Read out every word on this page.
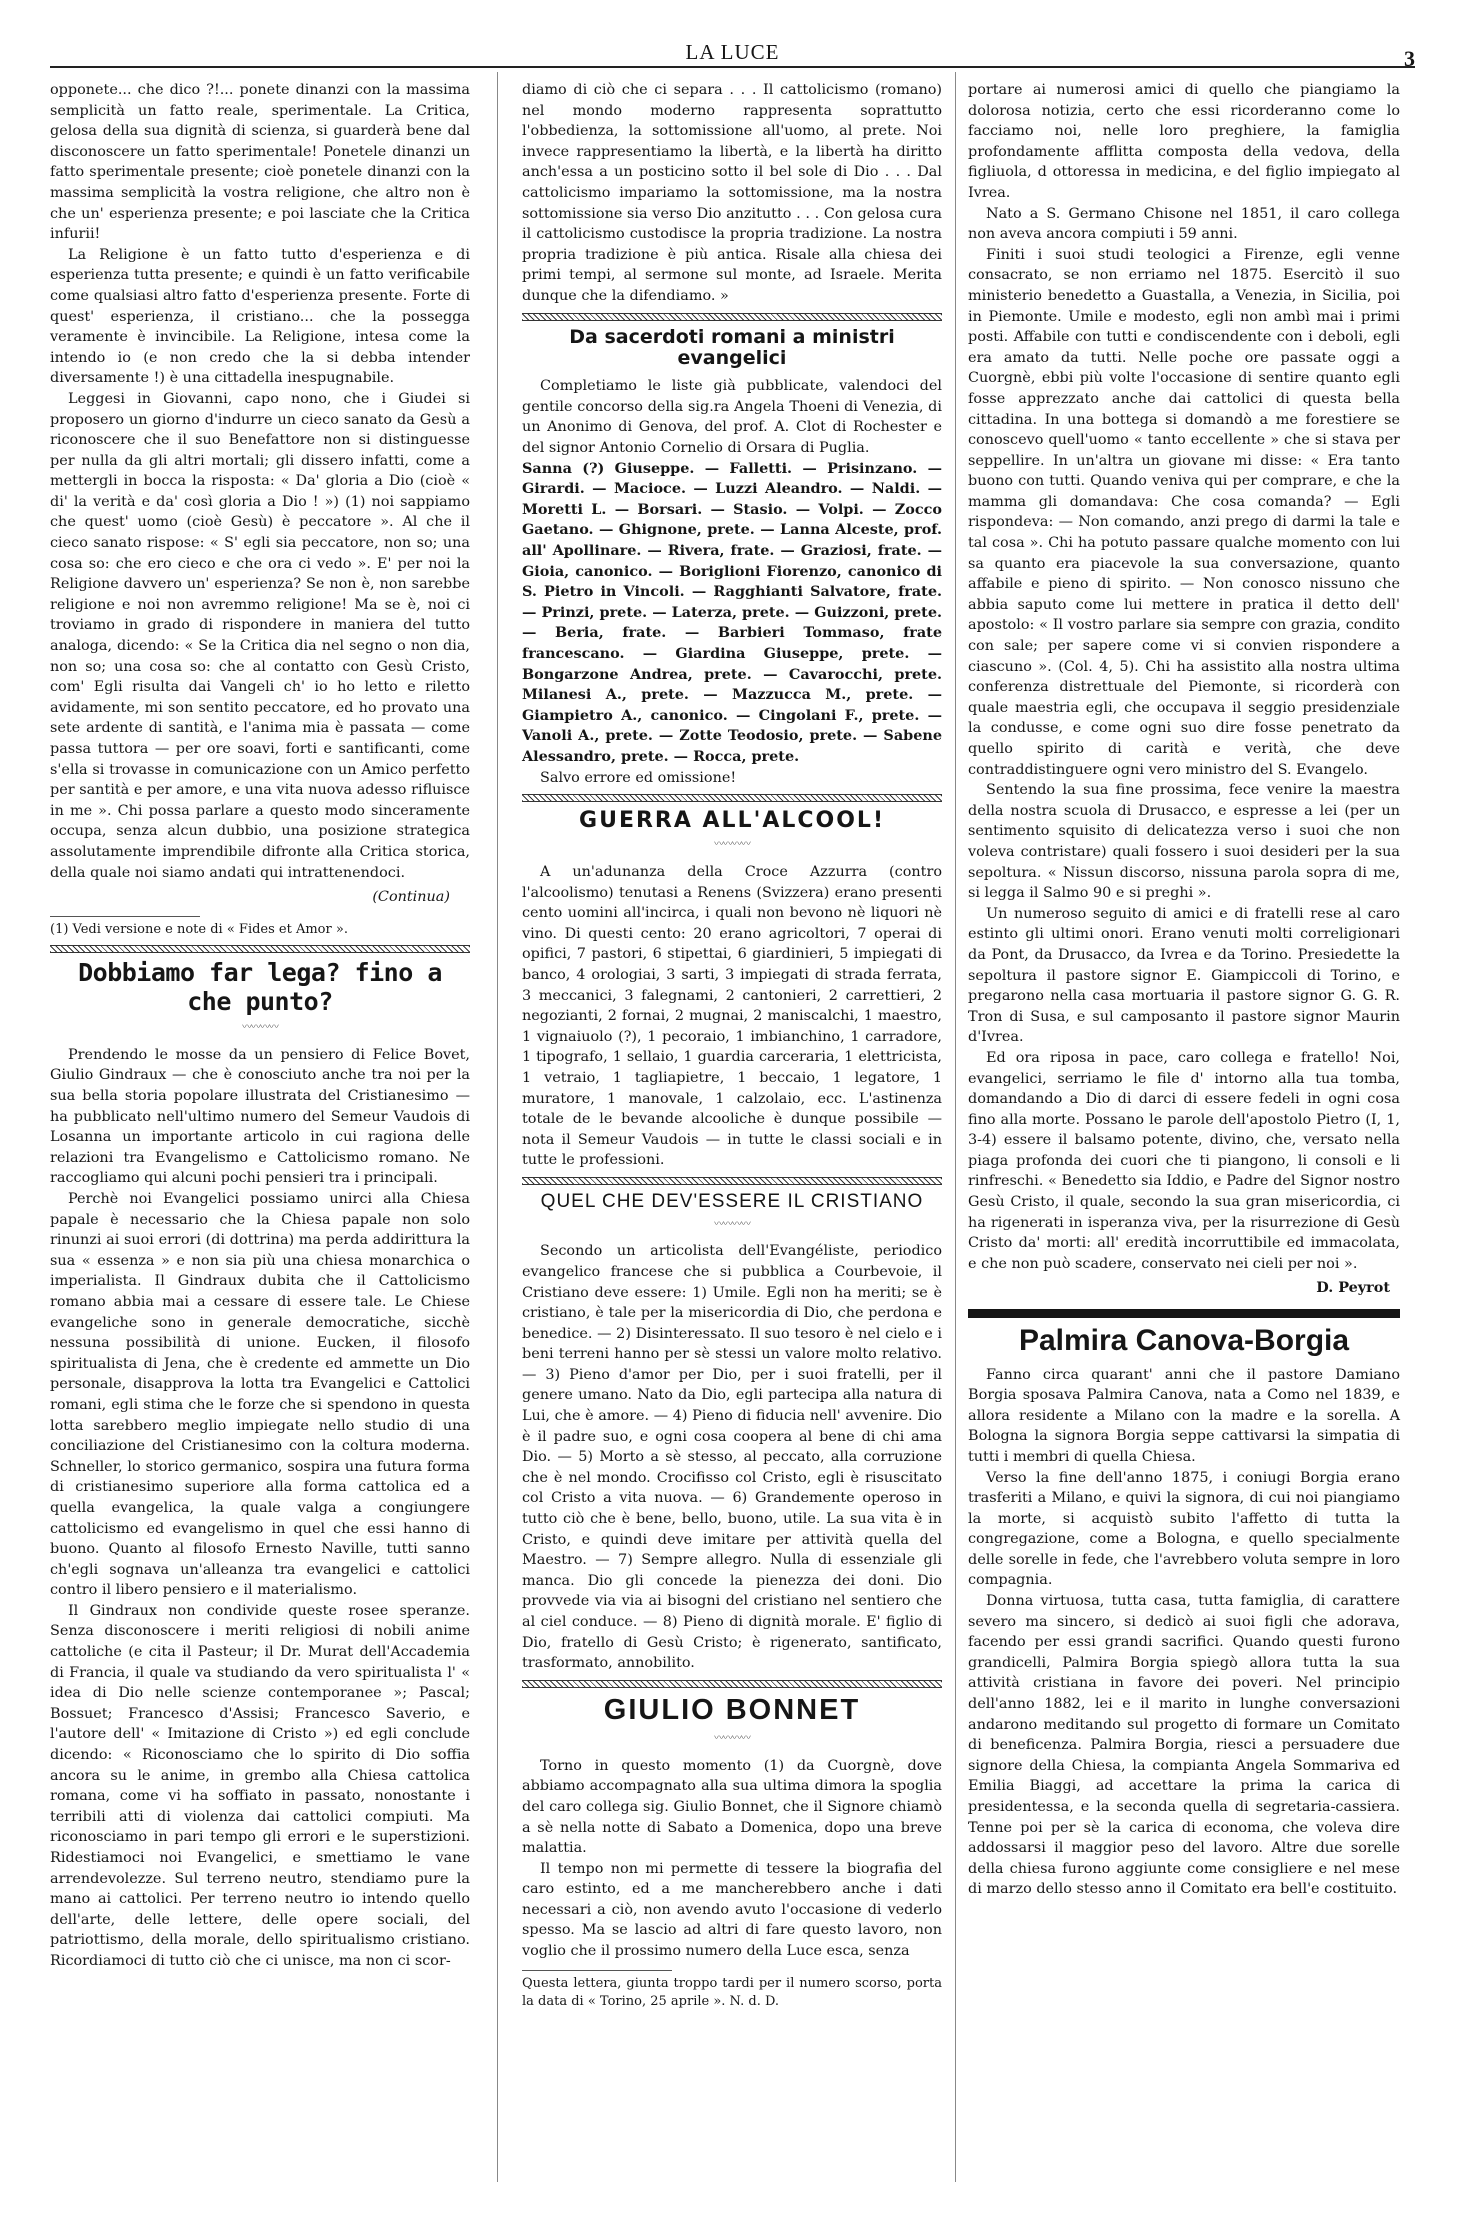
LA LUCE	3

opponete... che dico ?!... ponete dinanzi con la massima semplicità un fatto reale, sperimentale. La Critica, gelosa della sua dignità di scienza, si guarderà bene dal disconoscere un fatto sperimentale! Ponetele dinanzi un fatto sperimentale presente; cioè ponetele dinanzi con la massima semplicità la vostra religione, che altro non è che un' esperienza presente; e poi lasciate che la Critica infurii!

La Religione è un fatto tutto d'esperienza e di esperienza tutta presente; e quindi è un fatto verificabile come qualsiasi altro fatto d'esperienza presente. Forte di quest' esperienza, il cristiano... che la possegga veramente è invincibile. La Religione, intesa come la intendo io (e non credo che la si debba intender diversamente !) è una cittadella inespugnabile.

Leggesi in Giovanni, capo nono, che i Giudei si proposero un giorno d'indurre un cieco sanato da Gesù a riconoscere che il suo Benefattore non si distinguesse per nulla da gli altri mortali; gli dissero infatti, come a mettergli in bocca la risposta: « Da' gloria a Dio (cioè « di' la verità e da' così gloria a Dio ! ») (1) noi sappiamo che quest' uomo (cioè Gesù) è peccatore ». Al che il cieco sanato rispose: « S' egli sia peccatore, non so; una cosa so: che ero cieco e che ora ci vedo ». E' per noi la Religione davvero un' esperienza? Se non è, non sarebbe religione e noi non avremmo religione! Ma se è, noi ci troviamo in grado di rispondere in maniera del tutto analoga, dicendo: « Se la Critica dia nel segno o non dia, non so; una cosa so: che al contatto con Gesù Cristo, com' Egli risulta dai Vangeli ch' io ho letto e riletto avidamente, mi son sentito peccatore, ed ho provato una sete ardente di santità, e l'anima mia è passata — come passa tuttora — per ore soavi, forti e santificanti, come s'ella si trovasse in comunicazione con un Amico perfetto per santità e per amore, e una vita nuova adesso rifluisce in me ». Chi possa parlare a questo modo sinceramente occupa, senza alcun dubbio, una posizione strategica assolutamente imprendibile difronte alla Critica storica, della quale noi siamo andati qui intrattenendoci.

(Continua)

(1) Vedi versione e note di « Fides et Amor ».

Dobbiamo far lega? fino a che punto?
〰〰〰〰

Prendendo le mosse da un pensiero di Felice Bovet, Giulio Gindraux — che è conosciuto anche tra noi per la sua bella storia popolare illustrata del Cristianesimo — ha pubblicato nell'ultimo numero del Semeur Vaudois di Losanna un importante articolo in cui ragiona delle relazioni tra Evangelismo e Cattolicismo romano. Ne raccogliamo qui alcuni pochi pensieri tra i principali.

Perchè noi Evangelici possiamo unirci alla Chiesa papale è necessario che la Chiesa papale non solo rinunzi ai suoi errori (di dottrina) ma perda addirittura la sua « essenza » e non sia più una chiesa monarchica o imperialista. Il Gindraux dubita che il Cattolicismo romano abbia mai a cessare di essere tale. Le Chiese evangeliche sono in generale democratiche, sicchè nessuna possibilità di unione. Eucken, il filosofo spiritualista di Jena, che è credente ed ammette un Dio personale, disapprova la lotta tra Evangelici e Cattolici romani, egli stima che le forze che si spendono in questa lotta sarebbero meglio impiegate nello studio di una conciliazione del Cristianesimo con la coltura moderna. Schneller, lo storico germanico, sospira una futura forma di cristianesimo superiore alla forma cattolica ed a quella evangelica, la quale valga a congiungere cattolicismo ed evangelismo in quel che essi hanno di buono. Quanto al filosofo Ernesto Naville, tutti sanno ch'egli sognava un'alleanza tra evangelici e cattolici contro il libero pensiero e il materialismo.

Il Gindraux non condivide queste rosee speranze. Senza disconoscere i meriti religiosi di nobili anime cattoliche (e cita il Pasteur; il Dr. Murat dell'Accademia di Francia, il quale va studiando da vero spiritualista l' « idea di Dio nelle scienze contemporanee »; Pascal; Bossuet; Francesco d'Assisi; Francesco Saverio, e l'autore dell' « Imitazione di Cristo ») ed egli conclude dicendo: « Riconosciamo che lo spirito di Dio soffia ancora su le anime, in grembo alla Chiesa cattolica romana, come vi ha soffiato in passato, nonostante i terribili atti di violenza dai cattolici compiuti. Ma riconosciamo in pari tempo gli errori e le superstizioni. Ridestiamoci noi Evangelici, e smettiamo le vane arrendevolezze. Sul terreno neutro, stendiamo pure la mano ai cattolici. Per terreno neutro io intendo quello dell'arte, delle lettere, delle opere sociali, del patriottismo, della morale, dello spiritualismo cristiano. Ricordiamoci di tutto ciò che ci unisce, ma non ci scor-

diamo di ciò che ci separa . . . Il cattolicismo (romano) nel mondo moderno rappresenta soprattutto l'obbedienza, la sottomissione all'uomo, al prete. Noi invece rappresentiamo la libertà, e la libertà ha diritto anch'essa a un posticino sotto il bel sole di Dio . . . Dal cattolicismo impariamo la sottomissione, ma la nostra sottomissione sia verso Dio anzitutto . . . Con gelosa cura il cattolicismo custodisce la propria tradizione. La nostra propria tradizione è più antica. Risale alla chiesa dei primi tempi, al sermone sul monte, ad Israele. Merita dunque che la difendiamo. »

Da sacerdoti romani a ministri evangelici

Completiamo le liste già pubblicate, valendoci del gentile concorso della sig.ra Angela Thoeni di Venezia, di un Anonimo di Genova, del prof. A. Clot di Rochester e del signor Antonio Cornelio di Orsara di Puglia.

Sanna (?) Giuseppe. — Falletti. — Prisinzano. — Girardi. — Macioce. — Luzzi Aleandro. — Naldi. — Moretti L. — Borsari. — Stasio. — Volpi. — Zocco Gaetano. — Ghignone, prete. — Lanna Alceste, prof. all' Apollinare. — Rivera, frate. — Graziosi, frate. — Gioia, canonico. — Boriglioni Fiorenzo, canonico di S. Pietro in Vincoli. — Ragghianti Salvatore, frate. — Prinzi, prete. — Laterza, prete. — Guizzoni, prete. — Beria, frate. — Barbieri Tommaso, frate francescano. — Giardina Giuseppe, prete. — Bongarzone Andrea, prete. — Cavarocchi, prete. Milanesi A., prete. — Mazzucca M., prete. — Giampietro A., canonico. — Cingolani F., prete. — Vanoli A., prete. — Zotte Teodosio, prete. — Sabene Alessandro, prete. — Rocca, prete.

Salvo errore ed omissione!

GUERRA ALL'ALCOOL!
〰〰〰〰

A un'adunanza della Croce Azzurra (contro l'alcoolismo) tenutasi a Renens (Svizzera) erano presenti cento uomini all'incirca, i quali non bevono nè liquori nè vino. Di questi cento: 20 erano agricoltori, 7 operai di opifici, 7 pastori, 6 stipettai, 6 giardinieri, 5 impiegati di banco, 4 orologiai, 3 sarti, 3 impiegati di strada ferrata, 3 meccanici, 3 falegnami, 2 cantonieri, 2 carrettieri, 2 negozianti, 2 fornai, 2 mugnai, 2 maniscalchi, 1 maestro, 1 vignaiuolo (?), 1 pecoraio, 1 imbianchino, 1 carradore, 1 tipografo, 1 sellaio, 1 guardia carceraria, 1 elettricista, 1 vetraio, 1 tagliapietre, 1 beccaio, 1 legatore, 1 muratore, 1 manovale, 1 calzolaio, ecc. L'astinenza totale de le bevande alcooliche è dunque possibile — nota il Semeur Vaudois — in tutte le classi sociali e in tutte le professioni.

QUEL CHE DEV'ESSERE IL CRISTIANO
〰〰〰〰

Secondo un articolista dell'Evangéliste, periodico evangelico francese che si pubblica a Courbevoie, il Cristiano deve essere: 1) Umile. Egli non ha meriti; se è cristiano, è tale per la misericordia di Dio, che perdona e benedice. — 2) Disinteressato. Il suo tesoro è nel cielo e i beni terreni hanno per sè stessi un valore molto relativo. — 3) Pieno d'amor per Dio, per i suoi fratelli, per il genere umano. Nato da Dio, egli partecipa alla natura di Lui, che è amore. — 4) Pieno di fiducia nell' avvenire. Dio è il padre suo, e ogni cosa coopera al bene di chi ama Dio. — 5) Morto a sè stesso, al peccato, alla corruzione che è nel mondo. Crocifisso col Cristo, egli è risuscitato col Cristo a vita nuova. — 6) Grandemente operoso in tutto ciò che è bene, bello, buono, utile. La sua vita è in Cristo, e quindi deve imitare per attività quella del Maestro. — 7) Sempre allegro. Nulla di essenziale gli manca. Dio gli concede la pienezza dei doni. Dio provvede via via ai bisogni del cristiano nel sentiero che al ciel conduce. — 8) Pieno di dignità morale. E' figlio di Dio, fratello di Gesù Cristo; è rigenerato, santificato, trasformato, annobilito.

GIULIO BONNET
〰〰〰〰

Torno in questo momento (1) da Cuorgnè, dove abbiamo accompagnato alla sua ultima dimora la spoglia del caro collega sig. Giulio Bonnet, che il Signore chiamò a sè nella notte di Sabato a Domenica, dopo una breve malattia.

Il tempo non mi permette di tessere la biografia del caro estinto, ed a me mancherebbero anche i dati necessari a ciò, non avendo avuto l'occasione di vederlo spesso. Ma se lascio ad altri di fare questo lavoro, non voglio che il prossimo numero della Luce esca, senza

Questa lettera, giunta troppo tardi per il numero scorso, porta la data di « Torino, 25 aprile ». N. d. D.

portare ai numerosi amici di quello che piangiamo la dolorosa notizia, certo che essi ricorderanno come lo facciamo noi, nelle loro preghiere, la famiglia profondamente afflitta composta della vedova, della figliuola, d ottoressa in medicina, e del figlio impiegato al Ivrea.

Nato a S. Germano Chisone nel 1851, il caro collega non aveva ancora compiuti i 59 anni.

Finiti i suoi studi teologici a Firenze, egli venne consacrato, se non erriamo nel 1875. Esercitò il suo ministerio benedetto a Guastalla, a Venezia, in Sicilia, poi in Piemonte. Umile e modesto, egli non ambì mai i primi posti. Affabile con tutti e condiscendente con i deboli, egli era amato da tutti. Nelle poche ore passate oggi a Cuorgnè, ebbi più volte l'occasione di sentire quanto egli fosse apprezzato anche dai cattolici di questa bella cittadina. In una bottega si domandò a me forestiere se conoscevo quell'uomo « tanto eccellente » che si stava per seppellire. In un'altra un giovane mi disse: « Era tanto buono con tutti. Quando veniva qui per comprare, e che la mamma gli domandava: Che cosa comanda? — Egli rispondeva: — Non comando, anzi prego di darmi la tale e tal cosa ». Chi ha potuto passare qualche momento con lui sa quanto era piacevole la sua conversazione, quanto affabile e pieno di spirito. — Non conosco nissuno che abbia saputo come lui mettere in pratica il detto dell' apostolo: « Il vostro parlare sia sempre con grazia, condito con sale; per sapere come vi si convien rispondere a ciascuno ». (Col. 4, 5). Chi ha assistito alla nostra ultima conferenza distrettuale del Piemonte, si ricorderà con quale maestria egli, che occupava il seggio presidenziale la condusse, e come ogni suo dire fosse penetrato da quello spirito di carità e verità, che deve contraddistinguere ogni vero ministro del S. Evangelo.

Sentendo la sua fine prossima, fece venire la maestra della nostra scuola di Drusacco, e espresse a lei (per un sentimento squisito di delicatezza verso i suoi che non voleva contristare) quali fossero i suoi desideri per la sua sepoltura. « Nissun discorso, nissuna parola sopra di me, si legga il Salmo 90 e si preghi ».

Un numeroso seguito di amici e di fratelli rese al caro estinto gli ultimi onori. Erano venuti molti correligionari da Pont, da Drusacco, da Ivrea e da Torino. Presiedette la sepoltura il pastore signor E. Giampiccoli di Torino, e pregarono nella casa mortuaria il pastore signor G. G. R. Tron di Susa, e sul camposanto il pastore signor Maurin d'Ivrea.

Ed ora riposa in pace, caro collega e fratello! Noi, evangelici, serriamo le file d' intorno alla tua tomba, domandando a Dio di darci di essere fedeli in ogni cosa fino alla morte. Possano le parole dell'apostolo Pietro (I, 1, 3-4) essere il balsamo potente, divino, che, versato nella piaga profonda dei cuori che ti piangono, li consoli e li rinfreschi. « Benedetto sia Iddio, e Padre del Signor nostro Gesù Cristo, il quale, secondo la sua gran misericordia, ci ha rigenerati in isperanza viva, per la risurrezione di Gesù Cristo da' morti: all' eredità incorruttibile ed immacolata, e che non può scadere, conservato nei cieli per noi ».

D. Peyrot

Palmira Canova-Borgia

Fanno circa quarant' anni che il pastore Damiano Borgia sposava Palmira Canova, nata a Como nel 1839, e allora residente a Milano con la madre e la sorella. A Bologna la signora Borgia seppe cattivarsi la simpatia di tutti i membri di quella Chiesa.

Verso la fine dell'anno 1875, i coniugi Borgia erano trasferiti a Milano, e quivi la signora, di cui noi piangiamo la morte, si acquistò subito l'affetto di tutta la congregazione, come a Bologna, e quello specialmente delle sorelle in fede, che l'avrebbero voluta sempre in loro compagnia.

Donna virtuosa, tutta casa, tutta famiglia, di carattere severo ma sincero, si dedicò ai suoi figli che adorava, facendo per essi grandi sacrifici. Quando questi furono grandicelli, Palmira Borgia spiegò allora tutta la sua attività cristiana in favore dei poveri. Nel principio dell'anno 1882, lei e il marito in lunghe conversazioni andarono meditando sul progetto di formare un Comitato di beneficenza. Palmira Borgia, riesci a persuadere due signore della Chiesa, la compianta Angela Sommariva ed Emilia Biaggi, ad accettare la prima la carica di presidentessa, e la seconda quella di segretaria-cassiera. Tenne poi per sè la carica di economa, che voleva dire addossarsi il maggior peso del lavoro. Altre due sorelle della chiesa furono aggiunte come consigliere e nel mese di marzo dello stesso anno il Comitato era bell'e costituito.
